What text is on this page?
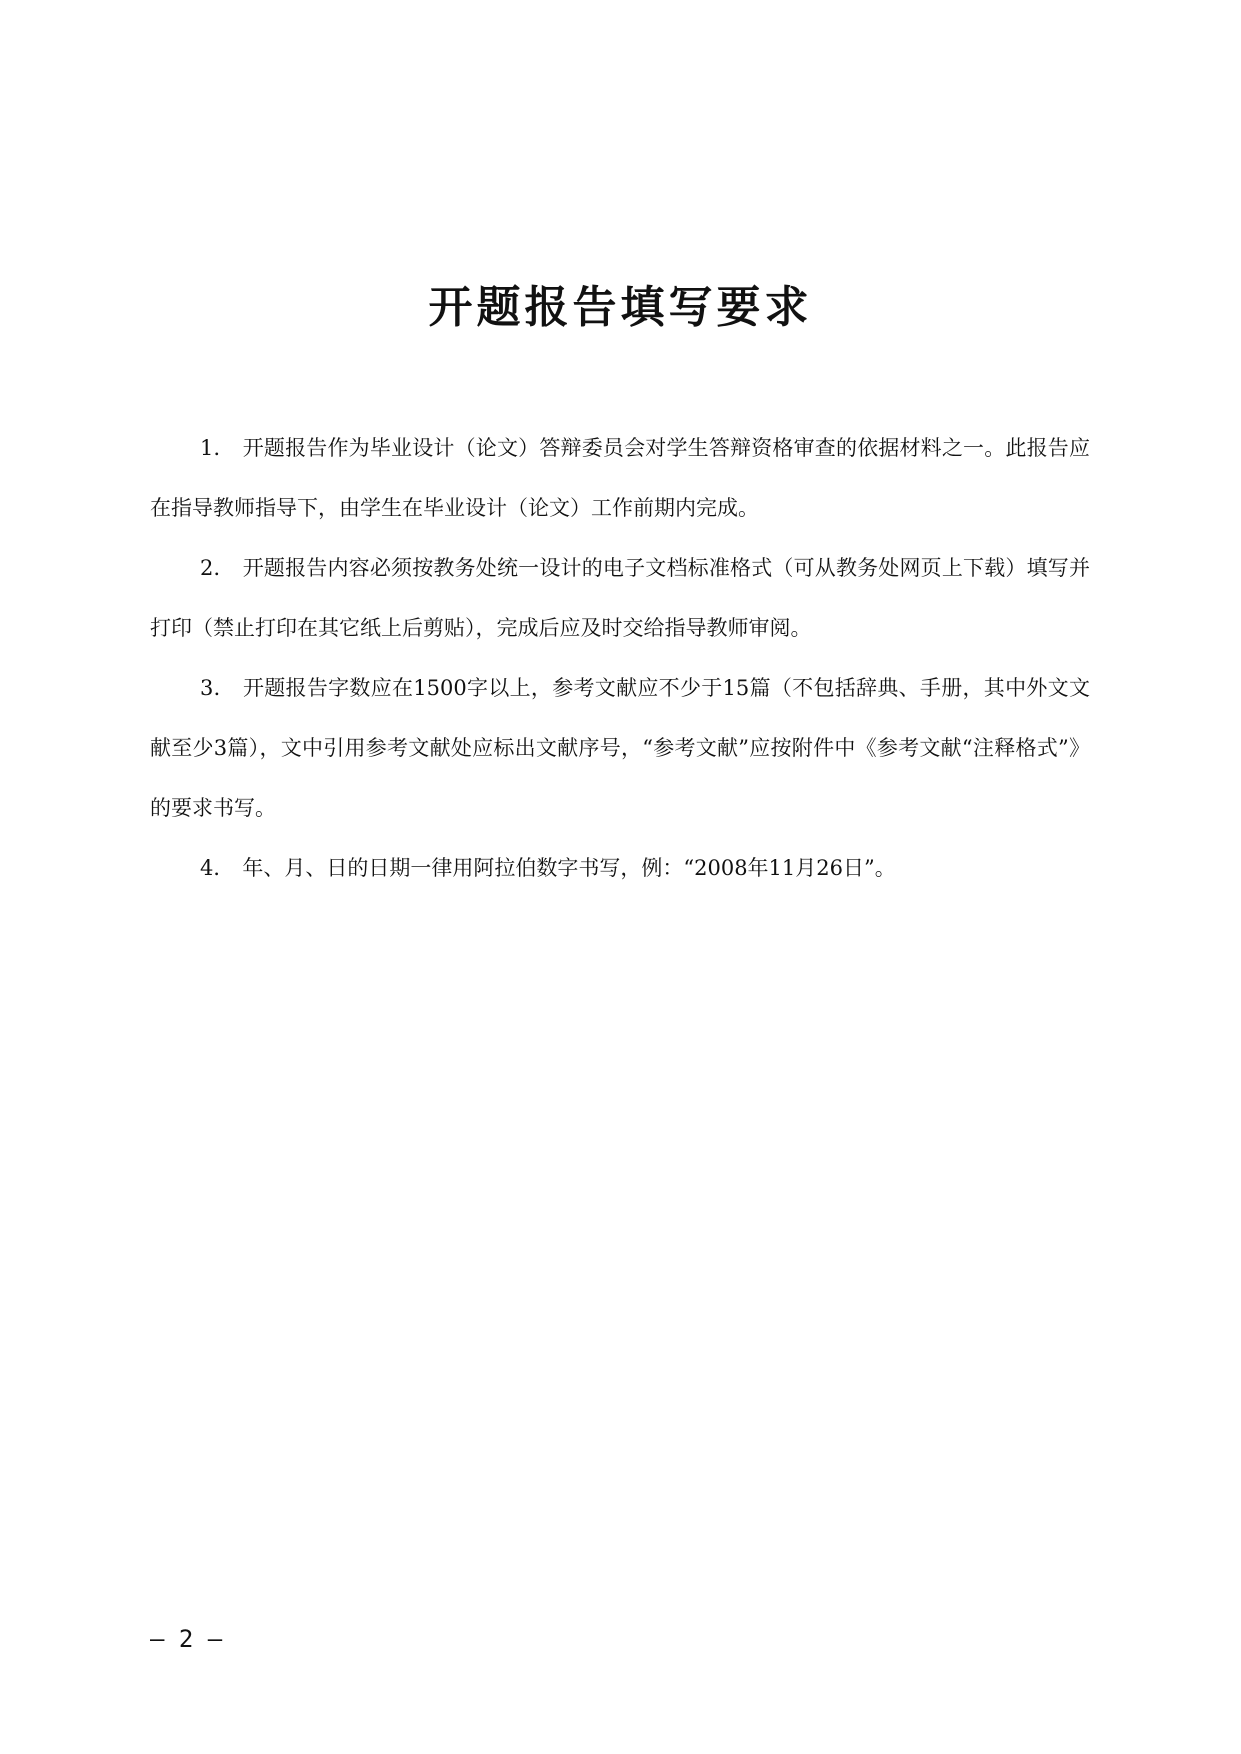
开题报告填写要求

1． 开题报告作为毕业设计（论文）答辩委员会对学生答辩资格审查的依据材料之一。此报告应在指导教师指导下，由学生在毕业设计（论文）工作前期内完成。

2． 开题报告内容必须按教务处统一设计的电子文档标准格式（可从教务处网页上下载）填写并打印（禁止打印在其它纸上后剪贴），完成后应及时交给指导教师审阅。

3． 开题报告字数应在1500字以上，参考文献应不少于15篇（不包括辞典、手册，其中外文文献至少3篇），文中引用参考文献处应标出文献序号，“参考文献”应按附件中《参考文献“注释格式”》的要求书写。

4． 年、月、日的日期一律用阿拉伯数字书写，例：“2008年11月26日”。

– 2 –
